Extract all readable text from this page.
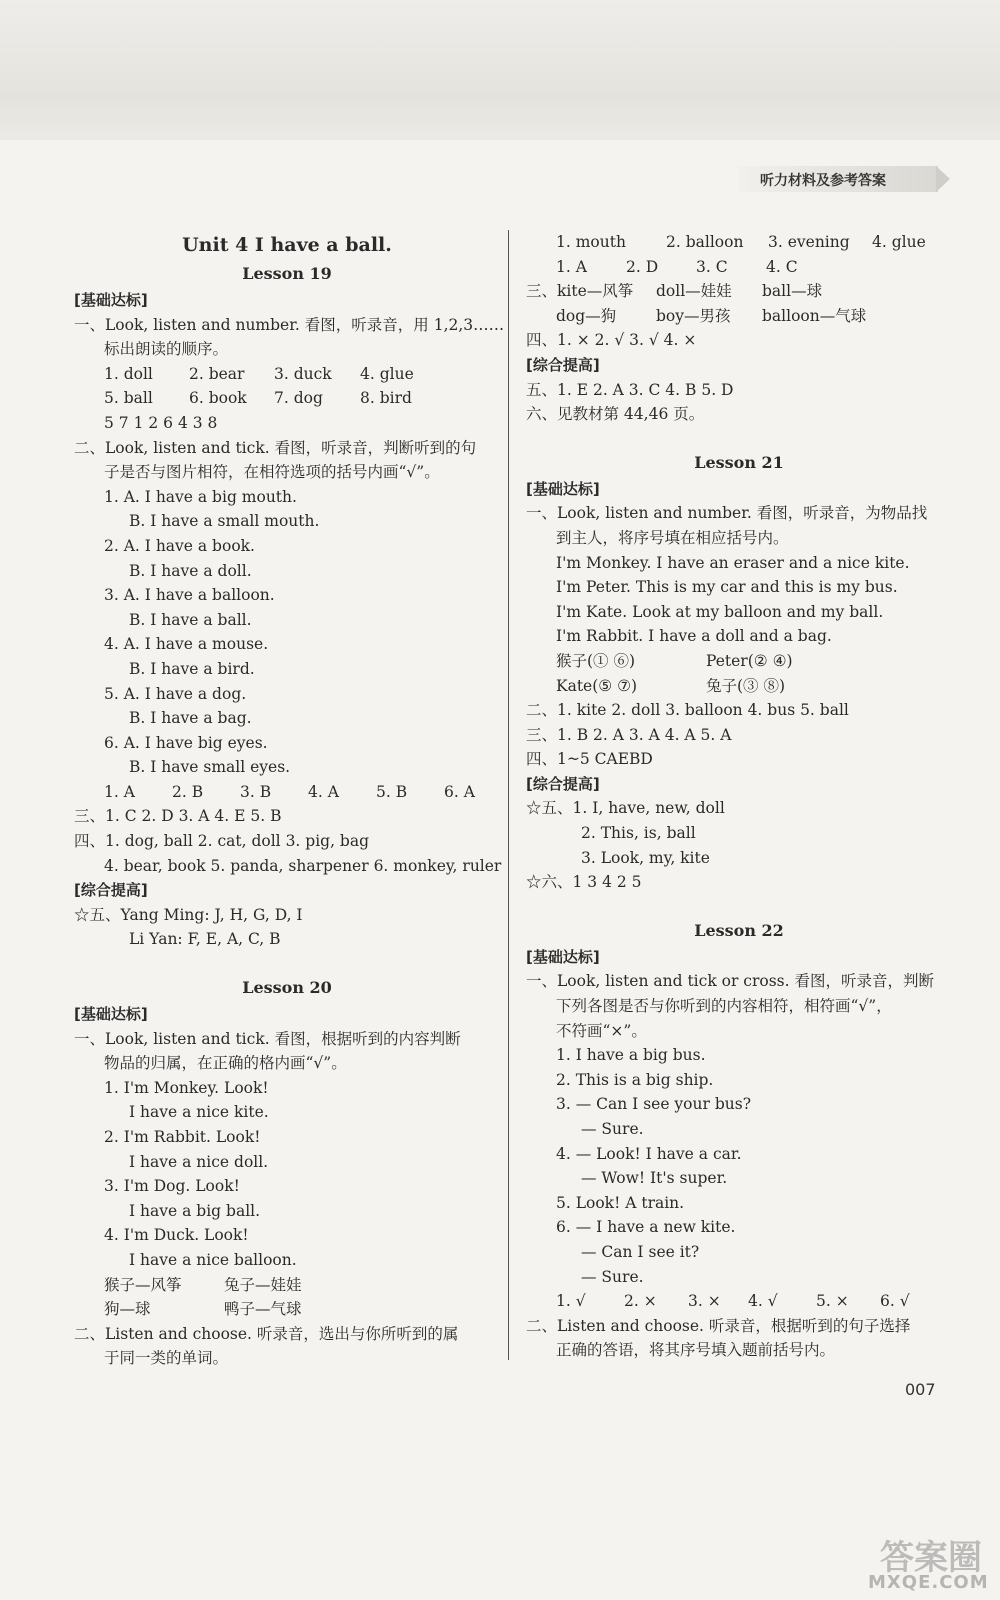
听力材料及参考答案
Unit 4 I have a ball.
Lesson 19
[基础达标]
一、Look, listen and number. 看图，听录音，用 1,2,3……
标出朗读的顺序。
1. doll 2. bear 3. duck 4. glue
5. ball 6. book 7. dog 8. bird
5 7 1 2 6 4 3 8
二、Look, listen and tick. 看图，听录音，判断听到的句
子是否与图片相符，在相符选项的括号内画“√”。
1. A. I have a big mouth.
B. I have a small mouth.
2. A. I have a book.
B. I have a doll.
3. A. I have a balloon.
B. I have a ball.
4. A. I have a mouse.
B. I have a bird.
5. A. I have a dog.
B. I have a bag.
6. A. I have big eyes.
B. I have small eyes.
1. A 2. B 3. B 4. A 5. B 6. A
三、1. C 2. D 3. A 4. E 5. B
四、1. dog, ball 2. cat, doll 3. pig, bag
4. bear, book 5. panda, sharpener 6. monkey, ruler
[综合提高]
☆五、Yang Ming: J, H, G, D, I
Li Yan: F, E, A, C, B
Lesson 20
[基础达标]
一、Look, listen and tick. 看图，根据听到的内容判断
物品的归属，在正确的格内画“√”。
1. I'm Monkey. Look!
I have a nice kite.
2. I'm Rabbit. Look!
I have a nice doll.
3. I'm Dog. Look!
I have a big ball.
4. I'm Duck. Look!
I have a nice balloon.
猴子—风筝	兔子—娃娃
狗—球	鸭子—气球
二、Listen and choose. 听录音，选出与你所听到的属
于同一类的单词。
1. mouth	2. balloon 3. evening 4. glue
1. A	2. D 3. C 4. C
三、kite—风筝 doll—娃娃 ball—球
dog—狗	boy—男孩 balloon—气球
四、1. × 2. √ 3. √ 4. ×
[综合提高]
五、1. E 2. A 3. C 4. B 5. D
六、见教材第 44,46 页。
Lesson 21
[基础达标]
一、Look, listen and number. 看图，听录音，为物品找
到主人，将序号填在相应括号内。
I'm Monkey. I have an eraser and a nice kite.
I'm Peter. This is my car and this is my bus.
I'm Kate. Look at my balloon and my ball.
I'm Rabbit. I have a doll and a bag.
猴子(① ⑥)	Peter(② ④)
Kate(⑤ ⑦)	兔子(③ ⑧)
二、1. kite 2. doll 3. balloon 4. bus 5. ball
三、1. B 2. A 3. A 4. A 5. A
四、1~5 CAEBD
[综合提高]
☆五、1. I, have, new, doll
2. This, is, ball
3. Look, my, kite
☆六、1 3 4 2 5
Lesson 22
[基础达标]
一、Look, listen and tick or cross. 看图，听录音，判断
下列各图是否与你听到的内容相符，相符画“√”，
不符画“×”。
1. I have a big bus.
2. This is a big ship.
3. — Can I see your bus?
— Sure.
4. — Look! I have a car.
— Wow! It's super.
5. Look! A train.
6. — I have a new kite.
— Can I see it?
— Sure.
1. √ 2. × 3. × 4. √ 5. × 6. √
二、Listen and choose. 听录音，根据听到的句子选择
正确的答语，将其序号填入题前括号内。
007
答案圈
MXQE.COM
